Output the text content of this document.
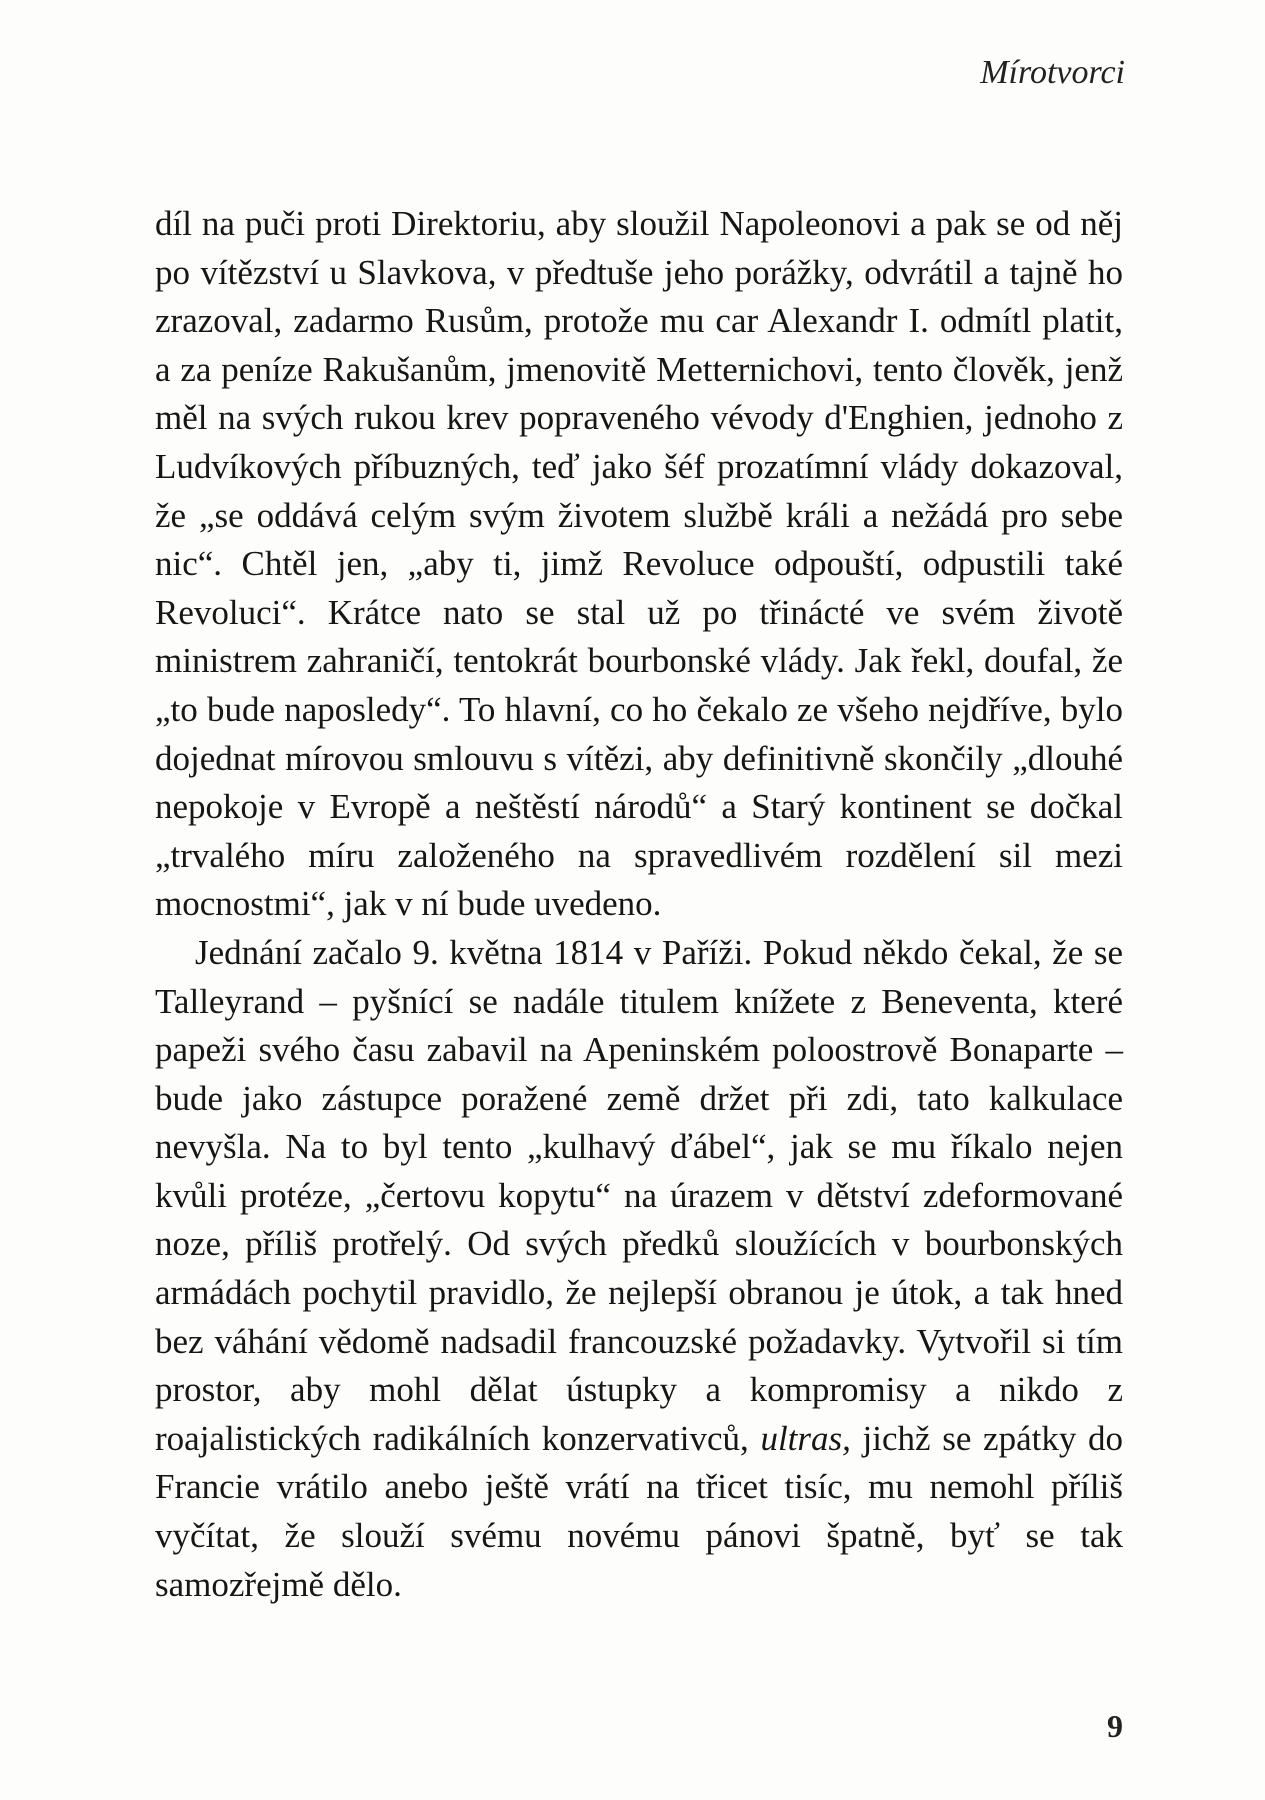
Mírotvorci

díl na puči proti Direktoriu, aby sloužil Napoleonovi a pak se od něj po vítězství u Slavkova, v předtuše jeho porážky, odvrátil a tajně ho zrazoval, zadarmo Rusům, protože mu car Alexandr I. odmítl platit, a za peníze Rakušanům, jmenovitě Metternichovi, tento člověk, jenž měl na svých rukou krev popraveného vévody d'Enghien, jednoho z Ludvíkových příbuzných, teď jako šéf prozatímní vlády dokazoval, že „se oddává celým svým životem službě králi a nežádá pro sebe nic“. Chtěl jen, „aby ti, jimž Revoluce odpouští, odpustili také Revoluci“. Krátce nato se stal už po třinácté ve svém životě ministrem zahraničí, tentokrát bourbonské vlády. Jak řekl, doufal, že „to bude naposledy“. To hlavní, co ho čekalo ze všeho nejdříve, bylo dojednat mírovou smlouvu s vítězi, aby definitivně skončily „dlouhé nepokoje v Evropě a neštěstí národů“ a Starý kontinent se dočkal „trvalého míru založeného na spravedlivém rozdělení sil mezi mocnostmi“, jak v ní bude uvedeno.

Jednání začalo 9. května 1814 v Paříži. Pokud někdo čekal, že se Talleyrand – pyšnící se nadále titulem knížete z Beneventa, které papeži svého času zabavil na Apeninském poloostrově Bonaparte – bude jako zástupce poražené země držet při zdi, tato kalkulace nevyšla. Na to byl tento „kulhavý ďábel“, jak se mu říkalo nejen kvůli protéze, „čertovu kopytu“ na úrazem v dětství zdeformované noze, příliš protřelý. Od svých předků sloužících v bourbonských armádách pochytil pravidlo, že nejlepší obranou je útok, a tak hned bez váhání vědomě nadsadil francouzské požadavky. Vytvořil si tím prostor, aby mohl dělat ústupky a kompromisy a nikdo z roajalistických radikálních konzervativců, ultras, jichž se zpátky do Francie vrátilo anebo ještě vrátí na třicet tisíc, mu nemohl příliš vyčítat, že slouží svému novému pánovi špatně, byť se tak samozřejmě dělo.

9
